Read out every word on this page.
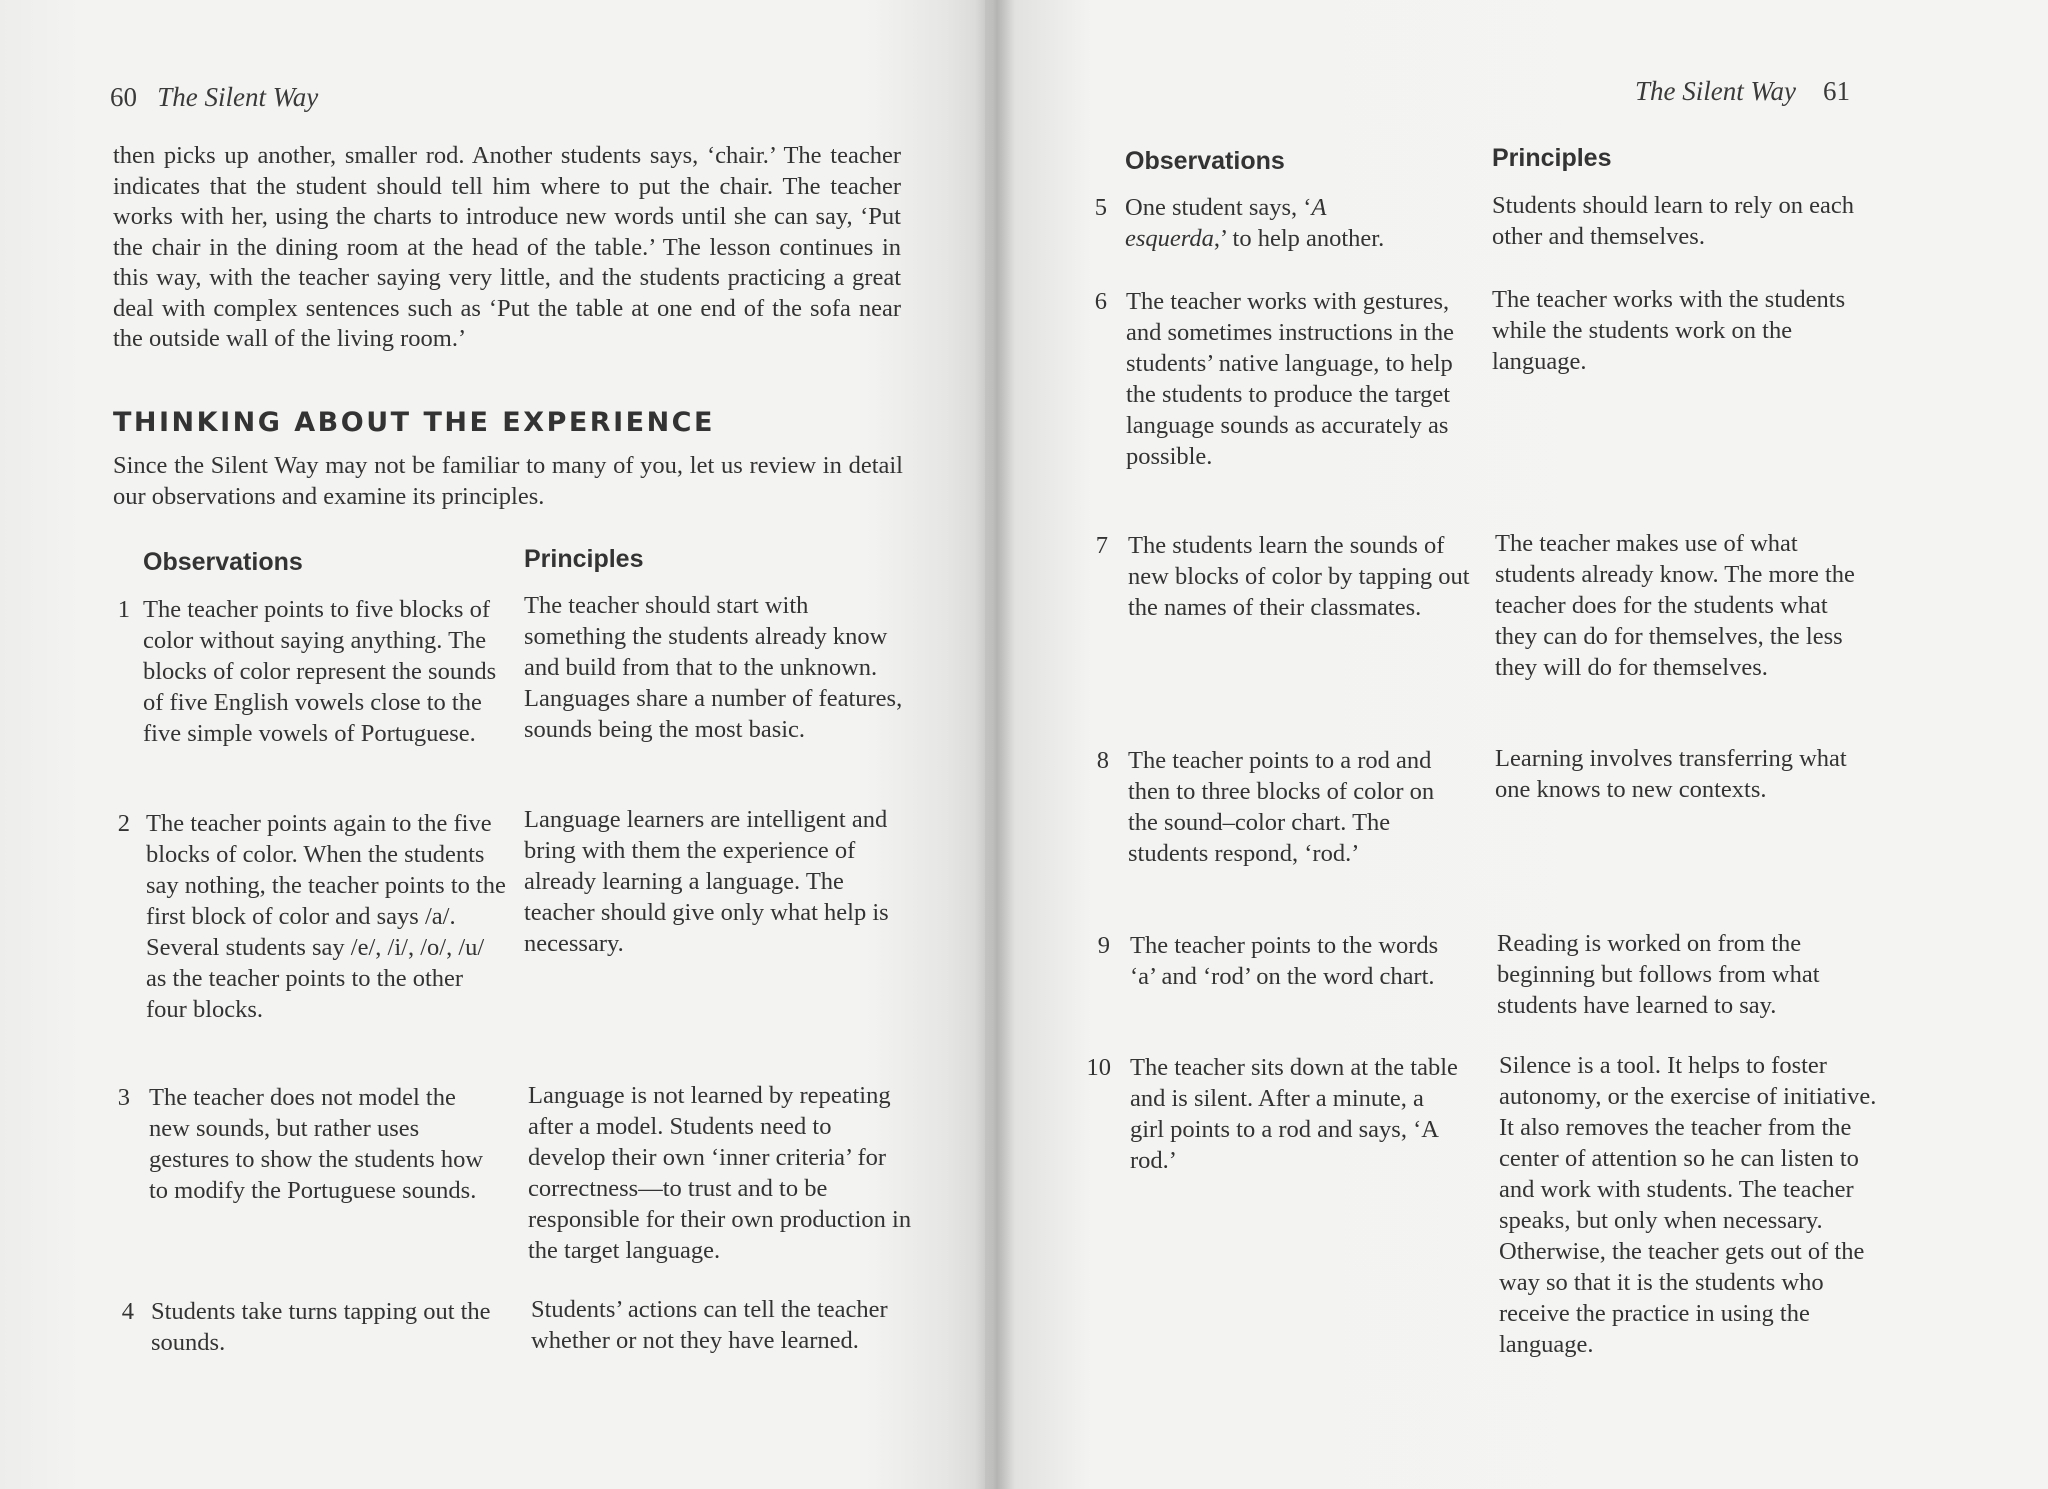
60 The Silent Way
then picks up another, smaller rod. Another students says, ‘chair.’ The teacher indicates that the student should tell him where to put the chair. The teacher works with her, using the charts to introduce new words until she can say, ‘Put the chair in the dining room at the head of the table.’ The lesson continues in this way, with the teacher saying very little, and the students practicing a great deal with complex sentences such as ‘Put the table at one end of the sofa near the outside wall of the living room.’
THINKING ABOUT THE EXPERIENCE
Since the Silent Way may not be familiar to many of you, let us review in detail our observations and examine its principles.
Observations	Principles
1 The teacher points to five blocks of color without saying anything. The blocks of color represent the sounds of five English vowels close to the five simple vowels of Portuguese.
The teacher should start with something the students already know and build from that to the unknown. Languages share a number of features, sounds being the most basic.
2 The teacher points again to the five blocks of color. When the students say nothing, the teacher points to the first block of color and says /a/. Several students say /e/, /i/, /o/, /u/ as the teacher points to the other four blocks.
Language learners are intelligent and bring with them the experience of already learning a language. The teacher should give only what help is necessary.
3 The teacher does not model the new sounds, but rather uses gestures to show the students how to modify the Portuguese sounds.
Language is not learned by repeating after a model. Students need to develop their own ‘inner criteria’ for correctness—to trust and to be responsible for their own production in the target language.
4 Students take turns tapping out the sounds.
Students’ actions can tell the teacher whether or not they have learned.
The Silent Way 61
Observations	Principles
5 One student says, ‘A esquerda,’ to help another.
Students should learn to rely on each other and themselves.
6 The teacher works with gestures, and sometimes instructions in the students’ native language, to help the students to produce the target language sounds as accurately as possible.
The teacher works with the students while the students work on the language.
7 The students learn the sounds of new blocks of color by tapping out the names of their classmates.
The teacher makes use of what students already know. The more the teacher does for the students what they can do for themselves, the less they will do for themselves.
8 The teacher points to a rod and then to three blocks of color on the sound–color chart. The students respond, ‘rod.’
Learning involves transferring what one knows to new contexts.
9 The teacher points to the words ‘a’ and ‘rod’ on the word chart.
Reading is worked on from the beginning but follows from what students have learned to say.
10 The teacher sits down at the table and is silent. After a minute, a girl points to a rod and says, ‘A rod.’
Silence is a tool. It helps to foster autonomy, or the exercise of initiative. It also removes the teacher from the center of attention so he can listen to and work with students. The teacher speaks, but only when necessary. Otherwise, the teacher gets out of the way so that it is the students who receive the practice in using the language.
